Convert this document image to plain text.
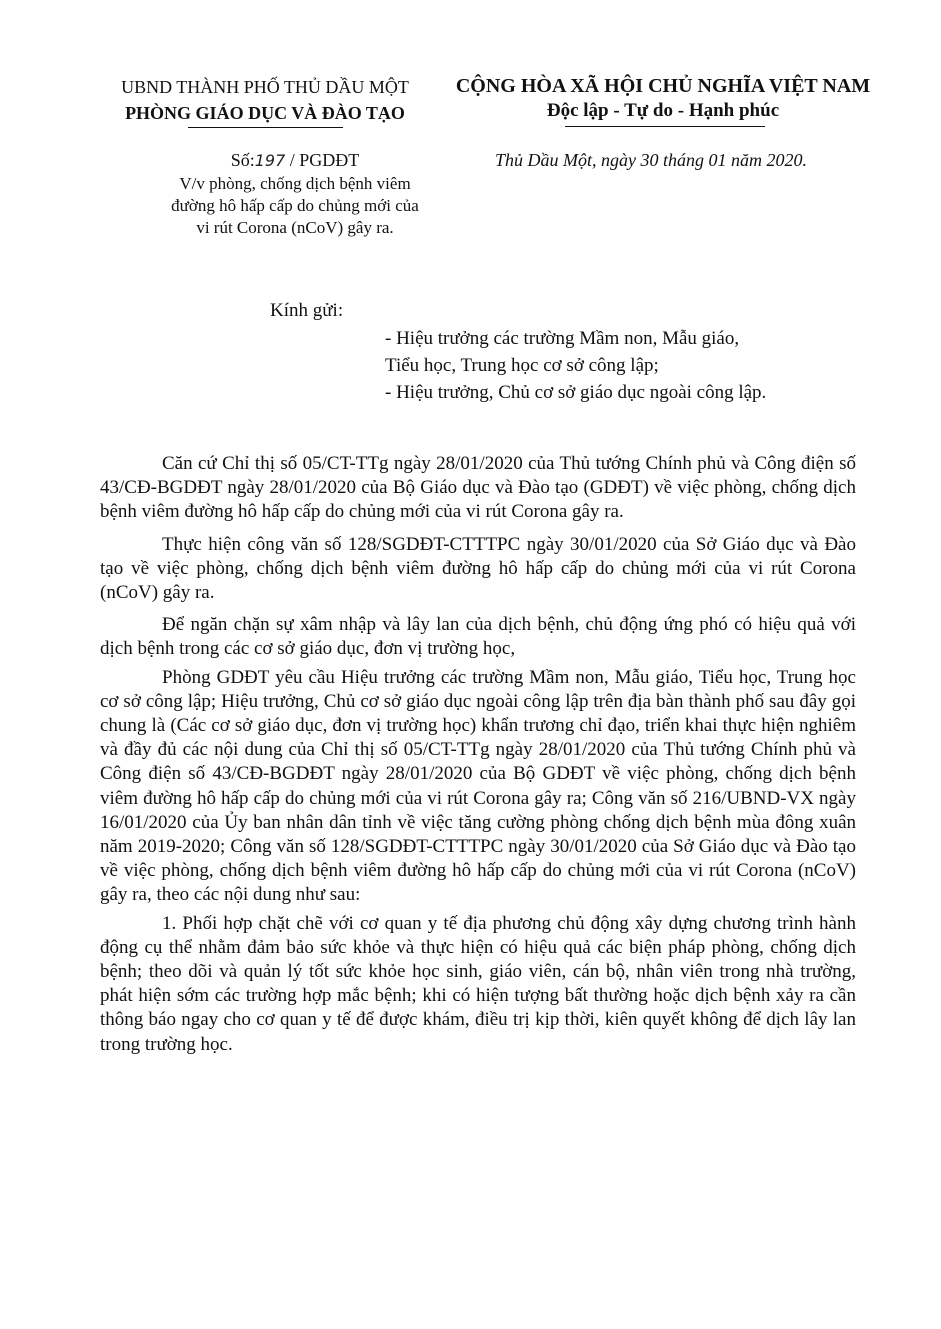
UBND THÀNH PHỐ THỦ DẦU MỘT
PHÒNG GIÁO DỤC VÀ ĐÀO TẠO
CỘNG HÒA XÃ HỘI CHỦ NGHĨA VIỆT NAM
Độc lập - Tự do - Hạnh phúc
Số:197 / PGDĐT
V/v phòng, chống dịch bệnh viêm
đường hô hấp cấp do chủng mới của
vi rút Corona (nCoV) gây ra.
Thủ Dầu Một, ngày 30 tháng 01 năm 2020.
Kính gửi:
- Hiệu trưởng các trường Mầm non, Mẫu giáo,
Tiểu học, Trung học cơ sở công lập;
- Hiệu trưởng, Chủ cơ sở giáo dục ngoài công lập.

Căn cứ Chỉ thị số 05/CT-TTg ngày 28/01/2020 của Thủ tướng Chính phủ và Công điện số 43/CĐ-BGDĐT ngày 28/01/2020 của Bộ Giáo dục và Đào tạo (GDĐT) về việc phòng, chống dịch bệnh viêm đường hô hấp cấp do chủng mới của vi rút Corona gây ra.

Thực hiện công văn số 128/SGDĐT-CTTTPC ngày 30/01/2020 của Sở Giáo dục và Đào tạo về việc phòng, chống dịch bệnh viêm đường hô hấp cấp do chủng mới của vi rút Corona (nCoV) gây ra.

Để ngăn chặn sự xâm nhập và lây lan của dịch bệnh, chủ động ứng phó có hiệu quả với dịch bệnh trong các cơ sở giáo dục, đơn vị trường học,

Phòng GDĐT yêu cầu Hiệu trưởng các trường Mầm non, Mẫu giáo, Tiểu học, Trung học cơ sở công lập; Hiệu trưởng, Chủ cơ sở giáo dục ngoài công lập trên địa bàn thành phố sau đây gọi chung là (Các cơ sở giáo dục, đơn vị trường học) khẩn trương chỉ đạo, triển khai thực hiện nghiêm và đầy đủ các nội dung của Chỉ thị số 05/CT-TTg ngày 28/01/2020 của Thủ tướng Chính phủ và Công điện số 43/CĐ-BGDĐT ngày 28/01/2020 của Bộ GDĐT về việc phòng, chống dịch bệnh viêm đường hô hấp cấp do chủng mới của vi rút Corona gây ra; Công văn số 216/UBND-VX ngày 16/01/2020 của Ủy ban nhân dân tỉnh về việc tăng cường phòng chống dịch bệnh mùa đông xuân năm 2019-2020; Công văn số 128/SGDĐT-CTTTPC ngày 30/01/2020 của Sở Giáo dục và Đào tạo về việc phòng, chống dịch bệnh viêm đường hô hấp cấp do chủng mới của vi rút Corona (nCoV) gây ra, theo các nội dung như sau:

1. Phối hợp chặt chẽ với cơ quan y tế địa phương chủ động xây dựng chương trình hành động cụ thể nhằm đảm bảo sức khỏe và thực hiện có hiệu quả các biện pháp phòng, chống dịch bệnh; theo dõi và quản lý tốt sức khỏe học sinh, giáo viên, cán bộ, nhân viên trong nhà trường, phát hiện sớm các trường hợp mắc bệnh; khi có hiện tượng bất thường hoặc dịch bệnh xảy ra cần thông báo ngay cho cơ quan y tế để được khám, điều trị kịp thời, kiên quyết không để dịch lây lan trong trường học.
